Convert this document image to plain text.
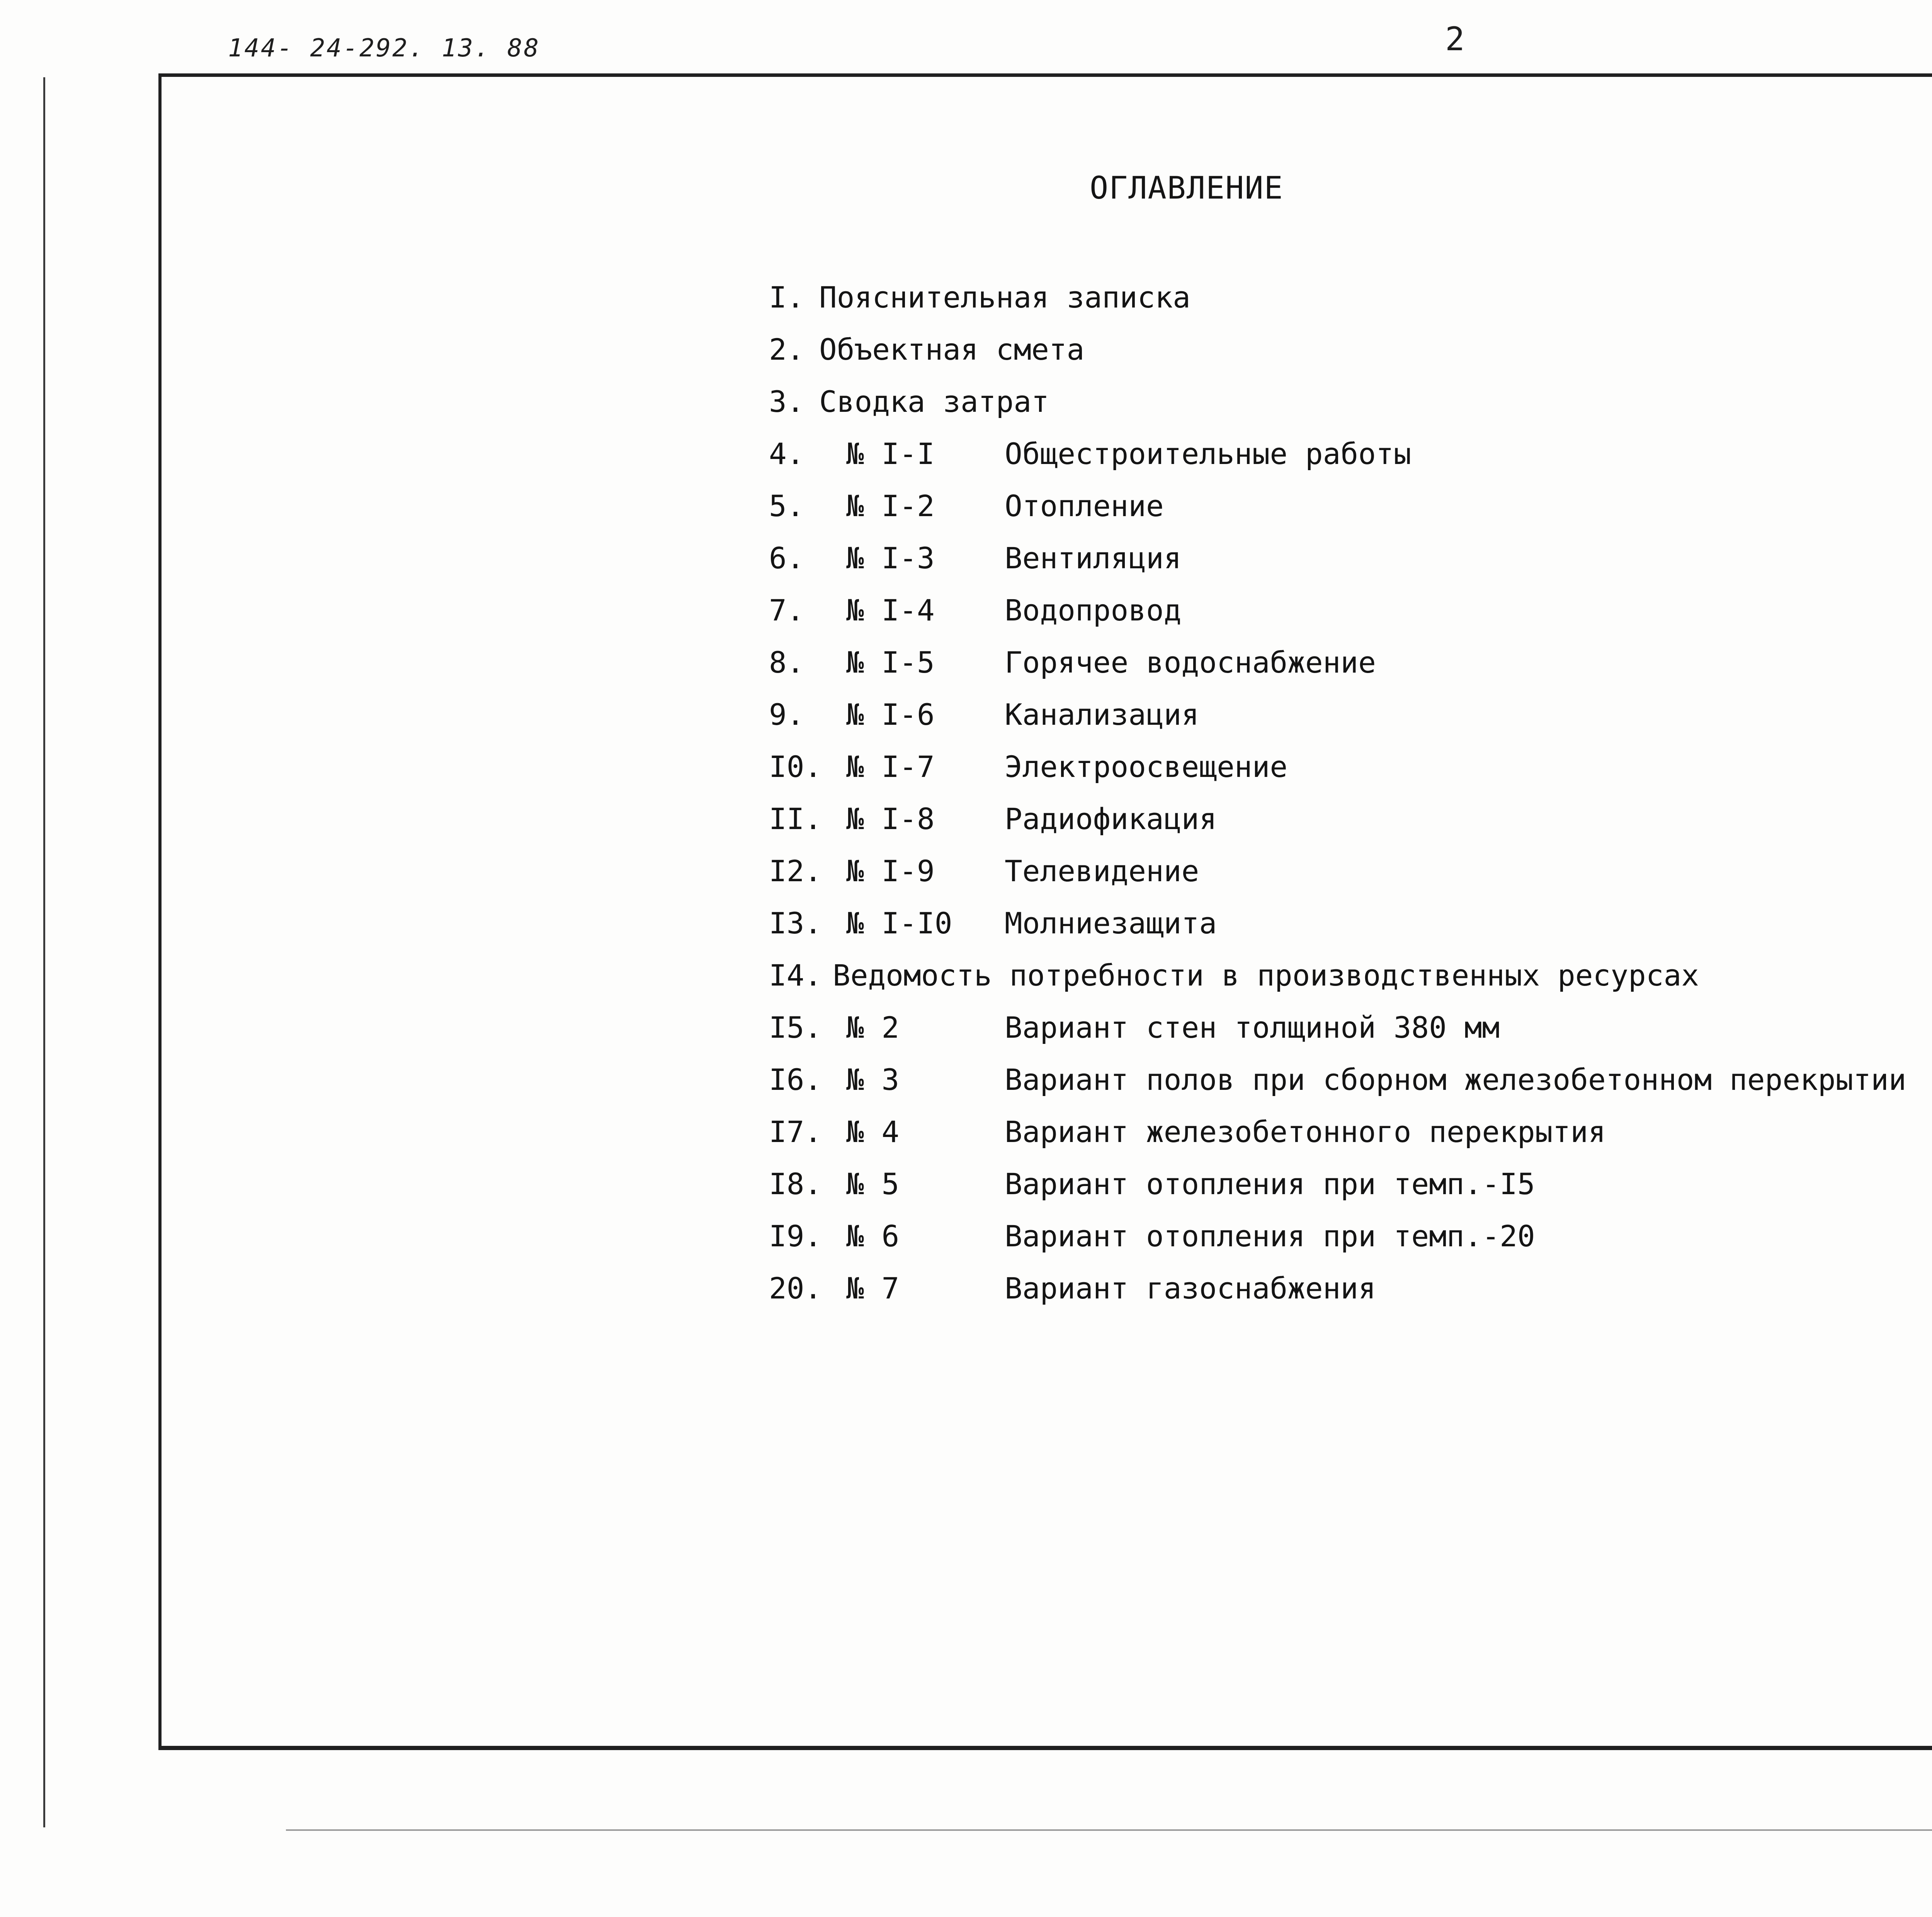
144- 24-292. 13. 88	2
ОГЛАВЛЕНИЕ
I. Пояснительная записка
2. Объектная смета
3. Сводка затрат
4. № I-I Общестроительные работы
5. № I-2 Отопление
6. № I-3 Вентиляция
7. № I-4 Водопровод
8. № I-5 Горячее водоснабжение
9. № I-6 Канализация
I0. № I-7 Электроосвещение
II. № I-8 Радиофикация
I2. № I-9 Телевидение
I3. № I-I0 Молниезащита
I4. Ведомость потребности в производственных ресурсах
I5. № 2	Вариант стен толщиной 380 мм
I6. № 3	Вариант полов при сборном железобетонном перекрытии
I7. № 4	Вариант железобетонного перекрытия
I8. № 5	Вариант отопления при темп.-I5
I9. № 6	Вариант отопления при темп.-20
20. № 7	Вариант газоснабжения
